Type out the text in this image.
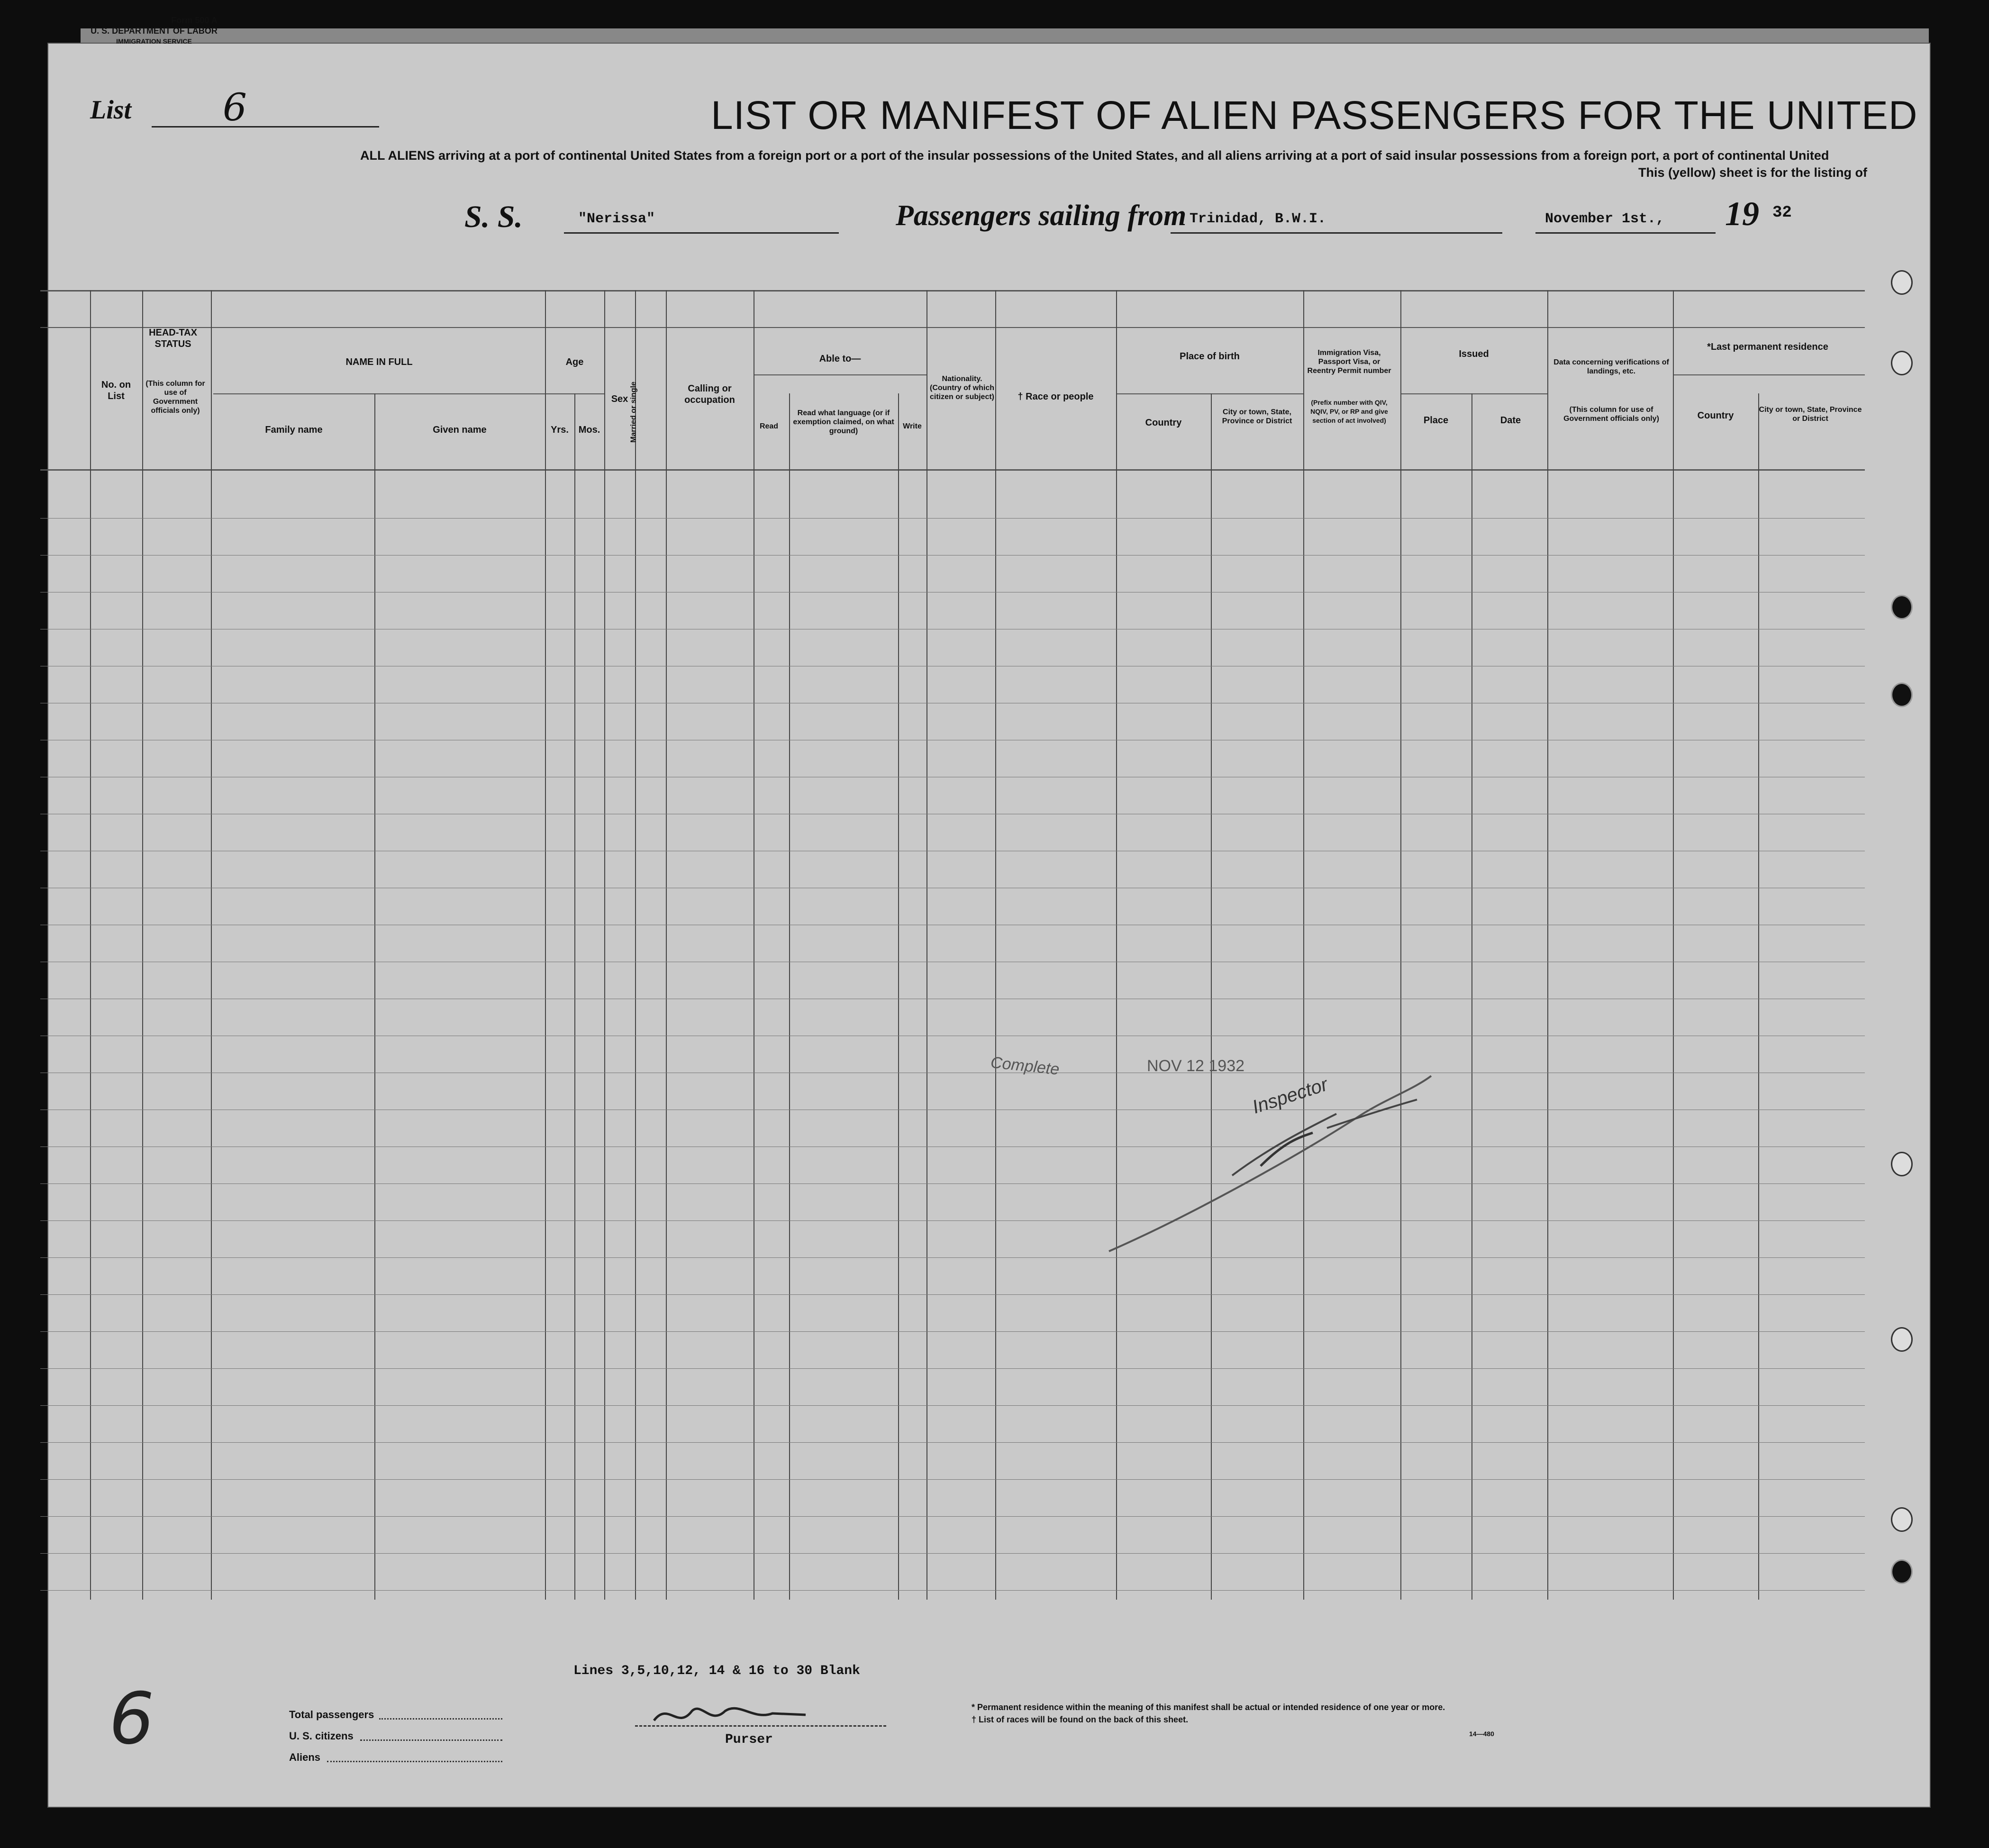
Form 500 A
U. S. DEPARTMENT OF LABOR
IMMIGRATION SERVICE
List 6	LIST OR MANIFEST OF ALIEN PASSENGERS FOR THE UNITED
ALL ALIENS arriving at a port of continental United States from a foreign port or a port of the insular possessions of the United States, and all aliens arriving at a port of said insular possessions from a foreign port, a port of continental United
This (yellow) sheet is for the listing of
S. S.	"Nerissa"	Passengers sailing from Trinidad, B.W.I.	November 1st., 19 32
No. on List
HEAD-TAX STATUS
(This column for use of Government officials only)
NAME IN FULL
Family name	Given name
Age
Yrs.	Mos.
Sex Married or single	Calling or occupation
Able to—
Read
Read what language (or if exemption claimed, on what ground)
Write
Nationality. (Country of which citizen or subject)	† Race or people
Place of birth
Country
City or town, State, Province or District
Immigration Visa, Passport Visa, or Reentry Permit number
(Prefix number with QIV, NQIV, PV, or RP and give section of act involved)
Issued
Place	Date
Data concerning verifications of landings, etc.
(This column for use of Government officials only)
*Last permanent residence
Country
City or town, State, Province or District
Complete	NOV 12 1932
Inspector
Lines 3,5,10,12, 14 & 16 to 30 Blank
Total passengers
U. S. citizens
Aliens
Purser
* Permanent residence within the meaning of this manifest shall be actual or intended residence of one year or more.
† List of races will be found on the back of this sheet.
14—480
6
